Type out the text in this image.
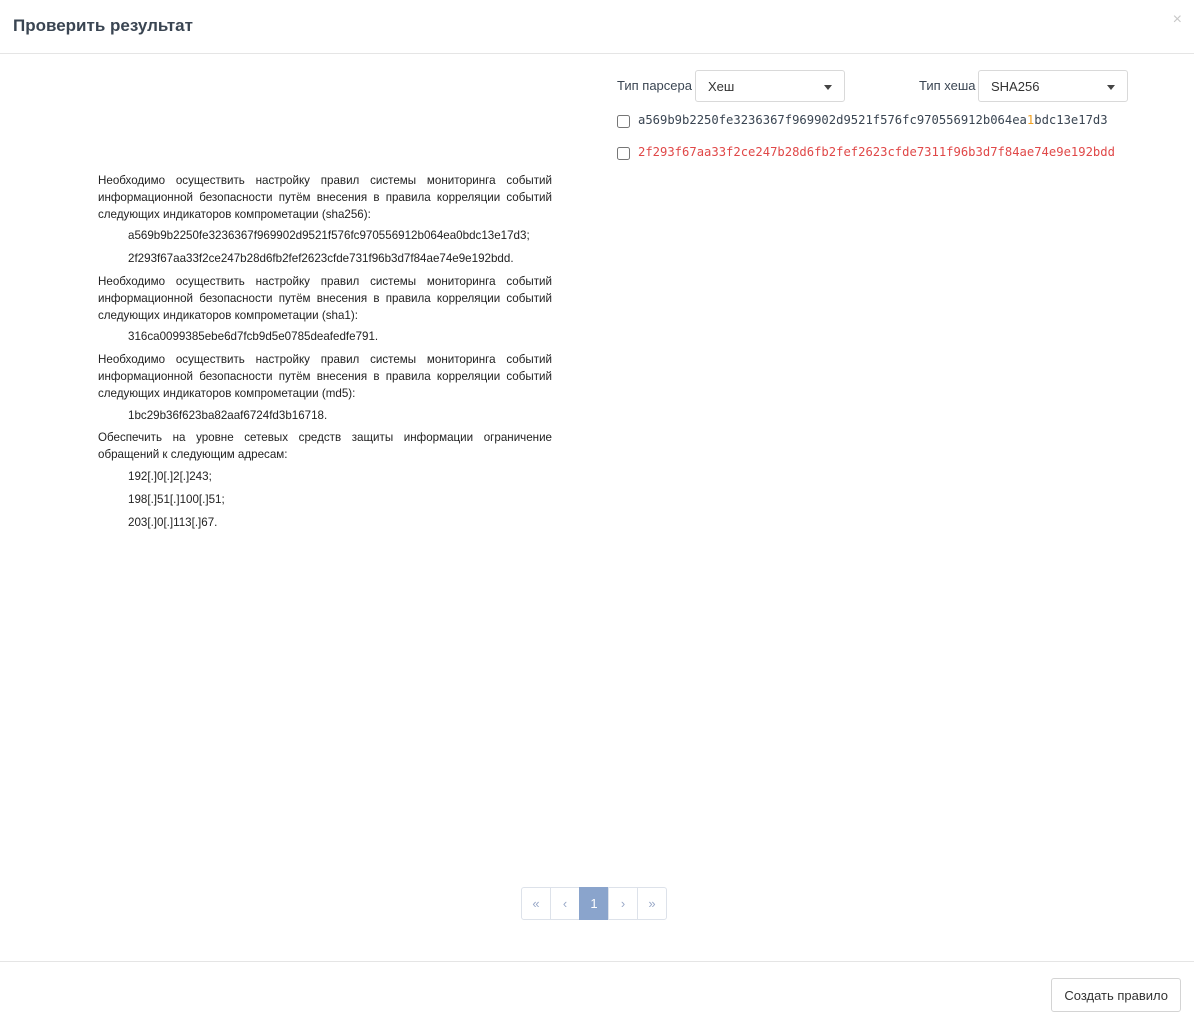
Проверить результат	×

Необходимо осуществить настройку правил системы мониторинга событий информационной безопасности путём внесения в правила корреляции событий следующих индикаторов компрометации (sha256):

a569b9b2250fe3236367f969902d9521f576fc970556912b064ea0bdc13e17d3;

2f293f67aa33f2ce247b28d6fb2fef2623cfde731f96b3d7f84ae74e9e192bdd.

Необходимо осуществить настройку правил системы мониторинга событий информационной безопасности путём внесения в правила корреляции событий следующих индикаторов компрометации (sha1):

316ca0099385ebe6d7fcb9d5e0785deafedfe791.

Необходимо осуществить настройку правил системы мониторинга событий информационной безопасности путём внесения в правила корреляции событий следующих индикаторов компрометации (md5):

1bc29b36f623ba82aaf6724fd3b16718.

Обеспечить на уровне сетевых средств защиты информации ограничение обращений к следующим адресам:

192[.]0[.]2[.]243;

198[.]51[.]100[.]51;

203[.]0[.]113[.]67.

Тип парсера Хеш	Тип хеша SHA256
a569b9b2250fe3236367f969902d9521f576fc970556912b064ea1bdc13e17d3
2f293f67aa33f2ce247b28d6fb2fef2623cfde7311f96b3d7f84ae74e9e192bdd
«	‹	1	›	»
Создать правило
